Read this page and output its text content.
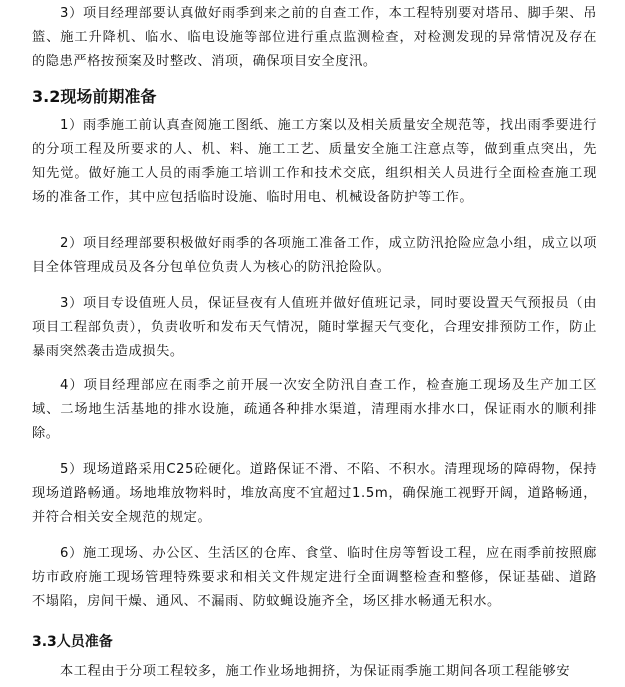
3）项目经理部要认真做好雨季到来之前的自查工作，本工程特别要对塔吊、脚手架、吊篮、施工升降机、临水、临电设施等部位进行重点监测检查，对检测发现的异常情况及存在的隐患严格按预案及时整改、消项，确保项目安全度汛。

3.2现场前期准备

1）雨季施工前认真查阅施工图纸、施工方案以及相关质量安全规范等，找出雨季要进行的分项工程及所要求的人、机、料、施工工艺、质量安全施工注意点等，做到重点突出，先知先觉。做好施工人员的雨季施工培训工作和技术交底，组织相关人员进行全面检查施工现场的准备工作，其中应包括临时设施、临时用电、机械设备防护等工作。

2）项目经理部要积极做好雨季的各项施工准备工作，成立防汛抢险应急小组，成立以项目全体管理成员及各分包单位负责人为核心的防汛抢险队。

3）项目专设值班人员，保证昼夜有人值班并做好值班记录，同时要设置天气预报员（由项目工程部负责），负责收听和发布天气情况，随时掌握天气变化，合理安排预防工作，防止暴雨突然袭击造成损失。

4）项目经理部应在雨季之前开展一次安全防汛自查工作，检查施工现场及生产加工区域、二场地生活基地的排水设施，疏通各种排水渠道，清理雨水排水口，保证雨水的顺利排除。

5）现场道路采用C25砼硬化。道路保证不滑、不陷、不积水。清理现场的障碍物，保持现场道路畅通。场地堆放物料时，堆放高度不宜超过1.5m，确保施工视野开阔，道路畅通，并符合相关安全规范的规定。

6）施工现场、办公区、生活区的仓库、食堂、临时住房等暂设工程，应在雨季前按照廊坊市政府施工现场管理特殊要求和相关文件规定进行全面调整检查和整修，保证基础、道路不塌陷，房间干燥、通风、不漏雨、防蚊蝇设施齐全，场区排水畅通无积水。

3.3人员准备

本工程由于分项工程较多，施工作业场地拥挤，为保证雨季施工期间各项工程能够安
